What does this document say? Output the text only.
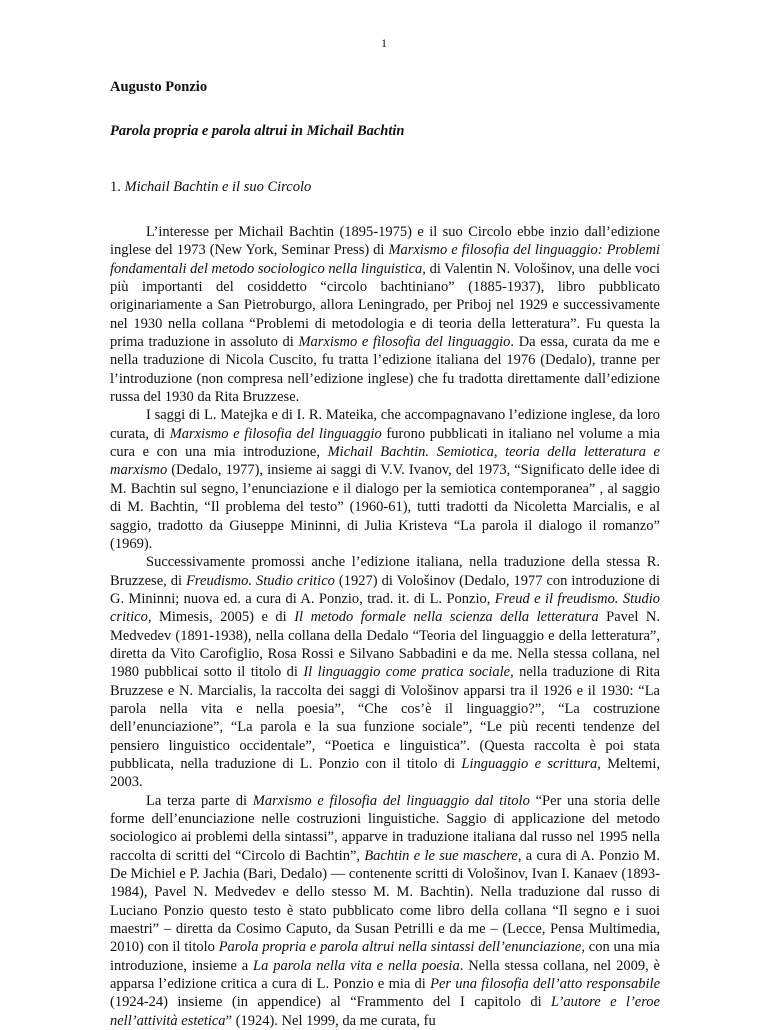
1

Augusto Ponzio

Parola propria e parola altrui in Michail Bachtin

1. Michail Bachtin e il suo Circolo

L’interesse per Michail Bachtin (1895-1975) e il suo Circolo ebbe inzio dall’edizione inglese del 1973 (New York, Seminar Press) di Marxismo e filosofia del linguaggio: Problemi fondamentali del metodo sociologico nella linguistica, di Valentin N. Vološinov, una delle voci più importanti del cosiddetto “circolo bachtiniano” (1885-1937), libro pubblicato originariamente a San Pietroburgo, allora Leningrado, per Priboj nel 1929 e successivamente nel 1930 nella collana “Problemi di metodologia e di teoria della letteratura”. Fu questa la prima traduzione in assoluto di Marxismo e filosofia del linguaggio. Da essa, curata da me e nella traduzione di Nicola Cuscito, fu tratta l’edizione italiana del 1976 (Dedalo), tranne per l’introduzione (non compresa nell’edizione inglese) che fu tradotta direttamente dall’edizione russa del 1930 da Rita Bruzzese.

I saggi di L. Matejka e di I. R. Mateika, che accompagnavano l’edizione inglese, da loro curata, di Marxismo e filosofia del linguaggio furono pubblicati in italiano nel volume a mia cura e con una mia introduzione, Michail Bachtin. Semiotica, teoria della letteratura e marxismo (Dedalo, 1977), insieme ai saggi di V.V. Ivanov, del 1973, “Significato delle idee di M. Bachtin sul segno, l’enunciazione e il dialogo per la semiotica contemporanea” , al saggio di M. Bachtin, “Il problema del testo” (1960-61), tutti tradotti da Nicoletta Marcialis, e al saggio, tradotto da Giuseppe Mininni, di Julia Kristeva “La parola il dialogo il romanzo” (1969).

Successivamente promossi anche l’edizione italiana, nella traduzione della stessa R. Bruzzese, di Freudismo. Studio critico (1927) di Vološinov (Dedalo, 1977 con introduzione di G. Mininni; nuova ed. a cura di A. Ponzio, trad. it. di L. Ponzio, Freud e il freudismo. Studio critico, Mimesis, 2005) e di Il metodo formale nella scienza della letteratura Pavel N. Medvedev (1891-1938), nella collana della Dedalo “Teoria del linguaggio e della letteratura”, diretta da Vito Carofiglio, Rosa Rossi e Silvano Sabbadini e da me. Nella stessa collana, nel 1980 pubblicai sotto il titolo di Il linguaggio come pratica sociale, nella traduzione di Rita Bruzzese e N. Marcialis, la raccolta dei saggi di Vološinov apparsi tra il 1926 e il 1930: “La parola nella vita e nella poesia”, “Che cos’è il linguaggio?”, “La costruzione dell’enunciazione”, “La parola e la sua funzione sociale”, “Le più recenti tendenze del pensiero linguistico occidentale”, “Poetica e linguistica”. (Questa raccolta è poi stata pubblicata, nella traduzione di L. Ponzio con il titolo di Linguaggio e scrittura, Meltemi, 2003.

La terza parte di Marxismo e filosofia del linguaggio dal titolo “Per una storia delle forme dell’enunciazione nelle costruzioni linguistiche. Saggio di applicazione del metodo sociologico ai problemi della sintassi”, apparve in traduzione italiana dal russo nel 1995 nella raccolta di scritti del “Circolo di Bachtin”, Bachtin e le sue maschere, a cura di A. Ponzio M. De Michiel e P. Jachia (Bari, Dedalo) — contenente scritti di Vološinov, Ivan I. Kanaev (1893-1984), Pavel N. Medvedev e dello stesso M. M. Bachtin). Nella traduzione dal russo di Luciano Ponzio questo testo è stato pubblicato come libro della collana “Il segno e i suoi maestri” – diretta da Cosimo Caputo, da Susan Petrilli e da me – (Lecce, Pensa Multimedia, 2010) con il titolo Parola propria e parola altrui nella sintassi dell’enunciazione, con una mia introduzione, insieme a La parola nella vita e nella poesia. Nella stessa collana, nel 2009, è apparsa l’edizione critica a cura di L. Ponzio e mia di Per una filosofia dell’atto responsabile (1924-24) insieme (in appendice) al “Frammento del I capitolo di L’autore e l’eroe nell’attività estetica” (1924). Nel 1999, da me curata, fu
